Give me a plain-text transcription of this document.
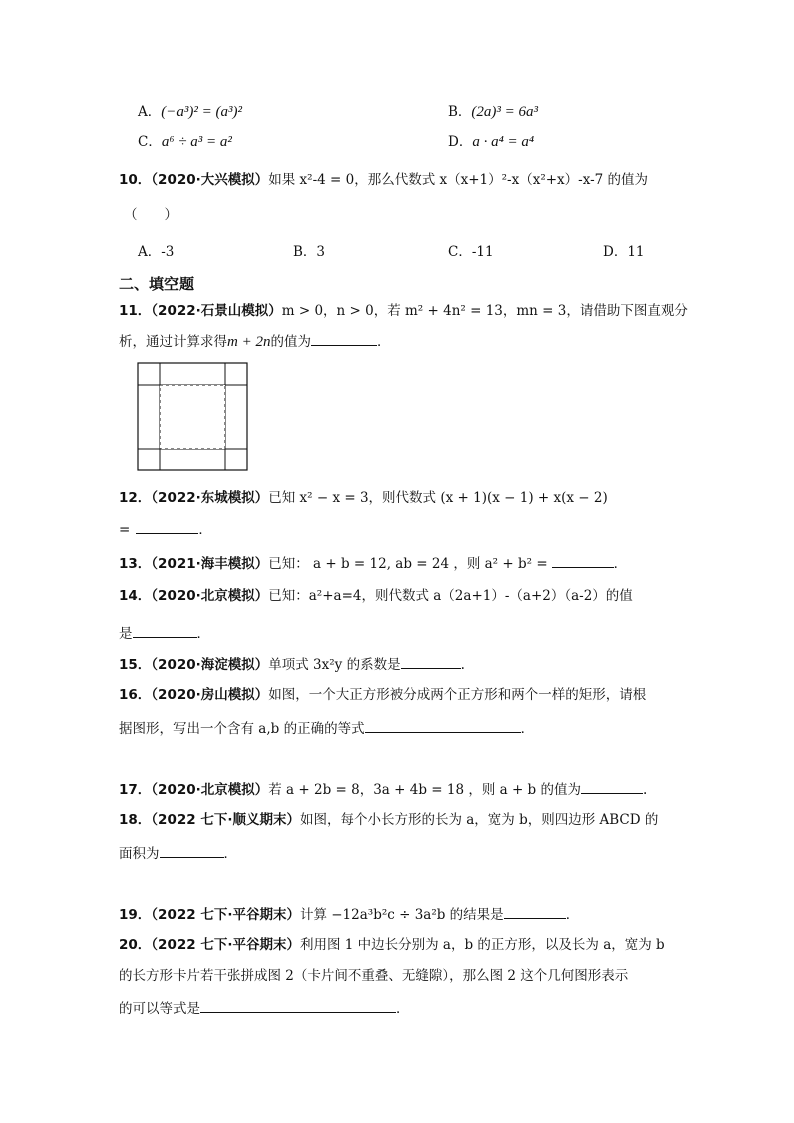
A．(−a³)² = (a³)²	B．(2a)³ = 6a³
C．a⁶ ÷ a³ = a²	D．a · a⁴ = a⁴
10．（2020·大兴模拟）如果 x²-4 = 0，那么代数式 x（x+1）²-x（x²+x）-x-7 的值为
（　　）
A．-3	B．3	C．-11	D．11
二、填空题
11．（2022·石景山模拟）m > 0，n > 0，若 m² + 4n² = 13，mn = 3，请借助下图直观分
析，通过计算求得m + 2n的值为	．
12．（2022·东城模拟）已知 x² − x = 3，则代数式 (x + 1)(x − 1) + x(x − 2)
=	．
13．（2021·海丰模拟）已知： a + b = 12, ab = 24 ，则 a² + b² =	．
14．（2020·北京模拟）已知：a²+a=4，则代数式 a（2a+1）-（a+2）（a-2）的值
是	．
15．（2020·海淀模拟）单项式 3x²y 的系数是	.
16．（2020·房山模拟）如图，一个大正方形被分成两个正方形和两个一样的矩形，请根
据图形，写出一个含有 a,b 的正确的等式	．
17．（2020·北京模拟）若 a + 2b = 8，3a + 4b = 18 ，则 a + b 的值为	.
18．（2022 七下·顺义期末）如图，每个小长方形的长为 a，宽为 b，则四边形 ABCD 的
面积为	．
19．（2022 七下·平谷期末）计算 −12a³b²c ÷ 3a²b 的结果是	．
20．（2022 七下·平谷期末）利用图 1 中边长分别为 a，b 的正方形，以及长为 a，宽为 b
的长方形卡片若干张拼成图 2（卡片间不重叠、无缝隙），那么图 2 这个几何图形表示
的可以等式是	．
